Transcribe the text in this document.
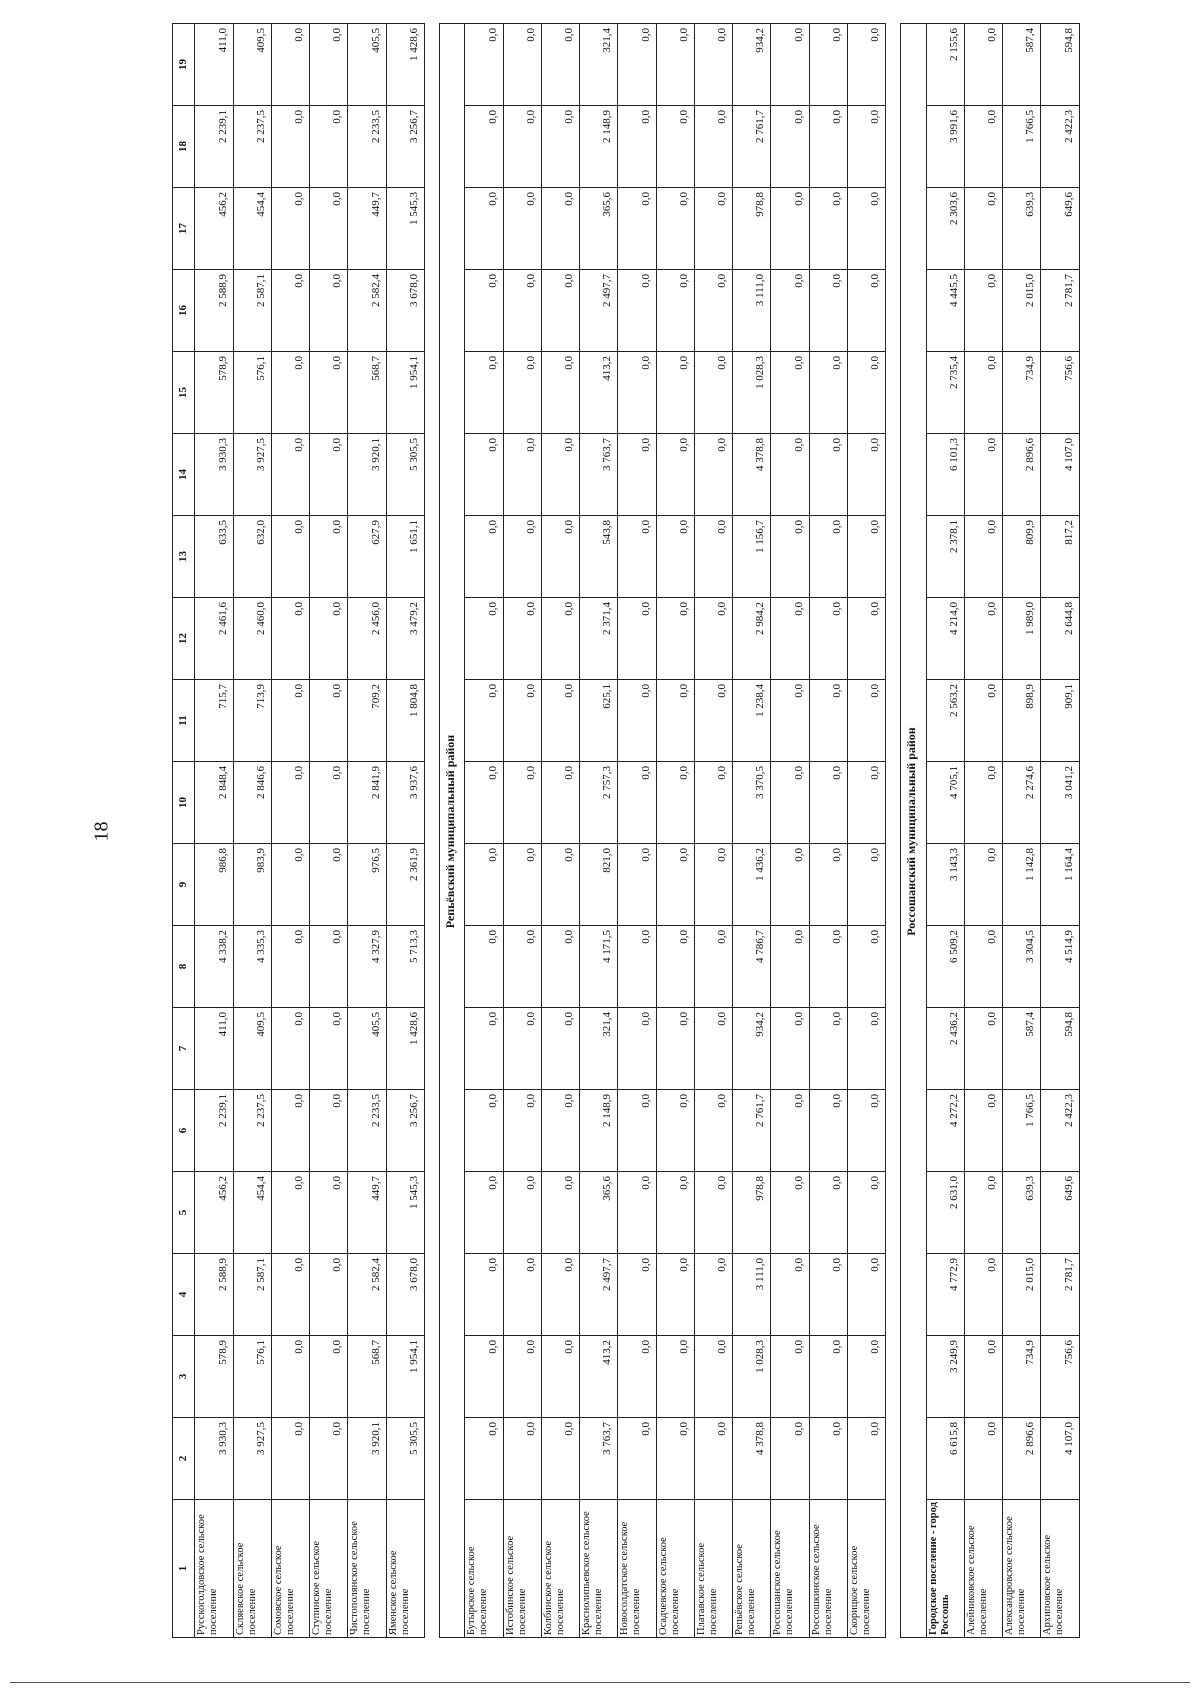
18
1	2	3	4	5	6	7	8	9	10	11	12	13	14	15	16	17	18	19
Русскоголдовское сельское поселение	3 930,3	578,9	2 588,9	456,2	2 239,1	411,0	4 338,2	986,8	2 848,4	715,7	2 461,6	633,5	3 930,3	578,9	2 588,9	456,2	2 239,1	411,0
Скляевское сельское поселение	3 927,5	576,1	2 587,1	454,4	2 237,5	409,5	4 335,3	983,9	2 846,6	713,9	2 460,0	632,0	3 927,5	576,1	2 587,1	454,4	2 237,5	409,5
Сомовское сельское поселение	0,0	0,0	0,0	0,0	0,0	0,0	0,0	0,0	0,0	0,0	0,0	0,0	0,0	0,0	0,0	0,0	0,0	0,0
Ступинское сельское поселение	0,0	0,0	0,0	0,0	0,0	0,0	0,0	0,0	0,0	0,0	0,0	0,0	0,0	0,0	0,0	0,0	0,0	0,0
Чистополянское сельское поселение	3 920,1	568,7	2 582,4	449,7	2 233,5	405,5	4 327,9	976,5	2 841,9	709,2	2 456,0	627,9	3 920,1	568,7	2 582,4	449,7	2 233,5	405,5
Яменское сельское поселение	5 305,5	1 954,1	3 678,0	1 545,3	3 256,7	1 428,6	5 713,3	2 361,9	3 937,6	1 804,8	3 479,2	1 651,1	5 305,5	1 954,1	3 678,0	1 545,3	3 256,7	1 428,6

Репьёвский муниципальный район																		
Бутырское сельское поселение	0,0	0,0	0,0	0,0	0,0	0,0	0,0	0,0	0,0	0,0	0,0	0,0	0,0	0,0	0,0	0,0	0,0	0,0
Истобинское сельское поселение	0,0	0,0	0,0	0,0	0,0	0,0	0,0	0,0	0,0	0,0	0,0	0,0	0,0	0,0	0,0	0,0	0,0	0,0
Колбинское сельское поселение	0,0	0,0	0,0	0,0	0,0	0,0	0,0	0,0	0,0	0,0	0,0	0,0	0,0	0,0	0,0	0,0	0,0	0,0
Краснолипьевское сельское поселение	3 763,7	413,2	2 497,7	365,6	2 148,9	321,4	4 171,5	821,0	2 757,3	625,1	2 371,4	543,8	3 763,7	413,2	2 497,7	365,6	2 148,9	321,4
Новосолдатское сельское поселение	0,0	0,0	0,0	0,0	0,0	0,0	0,0	0,0	0,0	0,0	0,0	0,0	0,0	0,0	0,0	0,0	0,0	0,0
Осадчевское сельское поселение	0,0	0,0	0,0	0,0	0,0	0,0	0,0	0,0	0,0	0,0	0,0	0,0	0,0	0,0	0,0	0,0	0,0	0,0
Платавское сельское поселение	0,0	0,0	0,0	0,0	0,0	0,0	0,0	0,0	0,0	0,0	0,0	0,0	0,0	0,0	0,0	0,0	0,0	0,0
Репьёвское сельское поселение	4 378,8	1 028,3	3 111,0	978,8	2 761,7	934,2	4 786,7	1 436,2	3 370,5	1 238,4	2 984,2	1 156,7	4 378,8	1 028,3	3 111,0	978,8	2 761,7	934,2
Россошанское сельское поселение	0,0	0,0	0,0	0,0	0,0	0,0	0,0	0,0	0,0	0,0	0,0	0,0	0,0	0,0	0,0	0,0	0,0	0,0
Россошкинское сельское поселение	0,0	0,0	0,0	0,0	0,0	0,0	0,0	0,0	0,0	0,0	0,0	0,0	0,0	0,0	0,0	0,0	0,0	0,0
Скорицкое сельское поселение	0,0	0,0	0,0	0,0	0,0	0,0	0,0	0,0	0,0	0,0	0,0	0,0	0,0	0,0	0,0	0,0	0,0	0,0

Россошанский муниципальный район																		
Городское поселение - город Россошь	6 615,8	3 249,9	4 772,9	2 631,0	4 272,2	2 436,2	6 509,2	3 143,3	4 705,1	2 563,2	4 214,0	2 378,1	6 101,3	2 735,4	4 445,5	2 303,6	3 991,6	2 155,6
Алейниковское сельское поселение	0,0	0,0	0,0	0,0	0,0	0,0	0,0	0,0	0,0	0,0	0,0	0,0	0,0	0,0	0,0	0,0	0,0	0,0
Александровское сельское поселение	2 896,6	734,9	2 015,0	639,3	1 766,5	587,4	3 304,5	1 142,8	2 274,6	898,9	1 989,0	809,9	2 896,6	734,9	2 015,0	639,3	1 766,5	587,4
Архиповское сельское поселение	4 107,0	756,6	2 781,7	649,6	2 422,3	594,8	4 514,9	1 164,4	3 041,2	909,1	2 644,8	817,2	4 107,0	756,6	2 781,7	649,6	2 422,3	594,8
